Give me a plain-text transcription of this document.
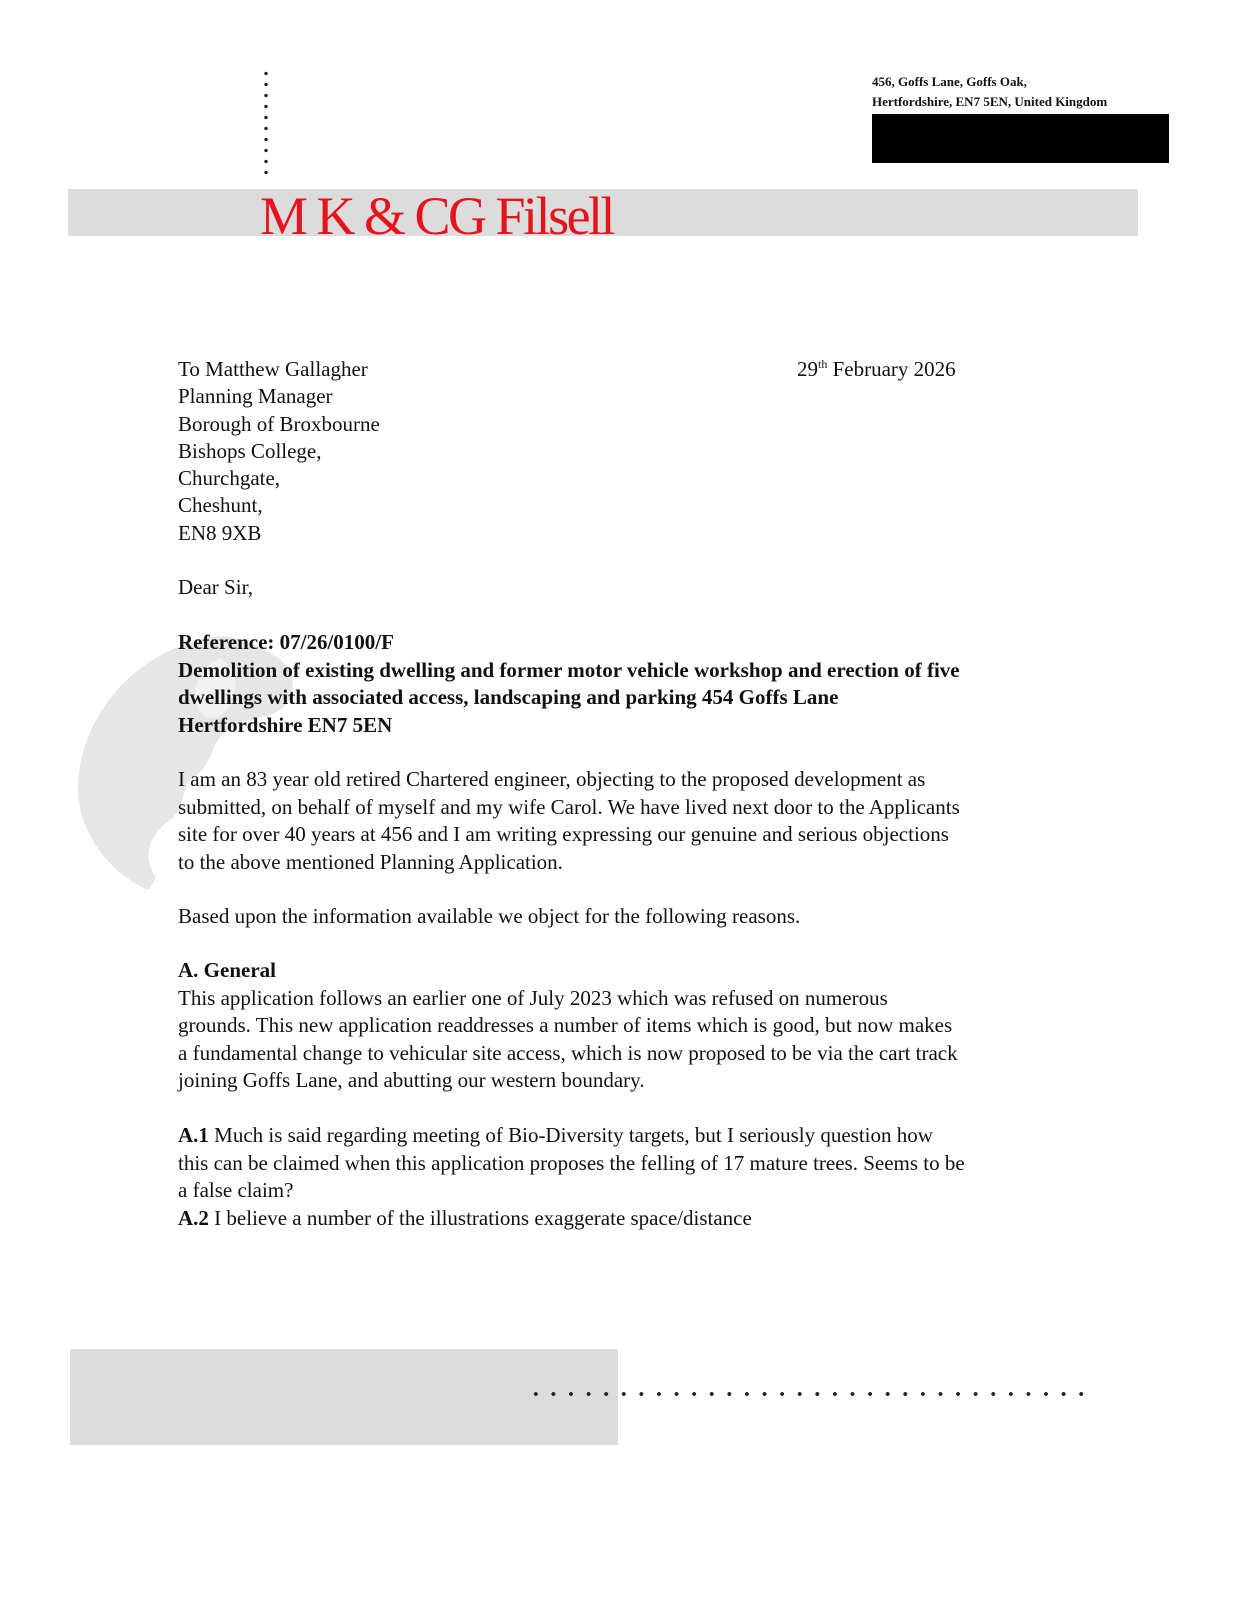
456, Goffs Lane, Goffs Oak,
Hertfordshire, EN7 5EN, United Kingdom
M K & CG Filsell
To Matthew Gallagher
Planning Manager
Borough of Broxbourne
Bishops College,
Churchgate,
Cheshunt,
EN8 9XB
29th February 2026
Dear Sir,
Reference: 07/26/0100/F
Demolition of existing dwelling and former motor vehicle workshop and erection of five
dwellings with associated access, landscaping and parking 454 Goffs Lane
Hertfordshire EN7 5EN
I am an 83 year old retired Chartered engineer, objecting to the proposed development as
submitted, on behalf of myself and my wife Carol. We have lived next door to the Applicants
site for over 40 years at 456 and I am writing expressing our genuine and serious objections
to the above mentioned Planning Application.
Based upon the information available we object for the following reasons.
A. General
This application follows an earlier one of July 2023 which was refused on numerous
grounds. This new application readdresses a number of items which is good, but now makes
a fundamental change to vehicular site access, which is now proposed to be via the cart track
joining Goffs Lane, and abutting our western boundary.
A.1 Much is said regarding meeting of Bio-Diversity targets, but I seriously question how
this can be claimed when this application proposes the felling of 17 mature trees. Seems to be
a false claim?
A.2 I believe a number of the illustrations exaggerate space/distance
